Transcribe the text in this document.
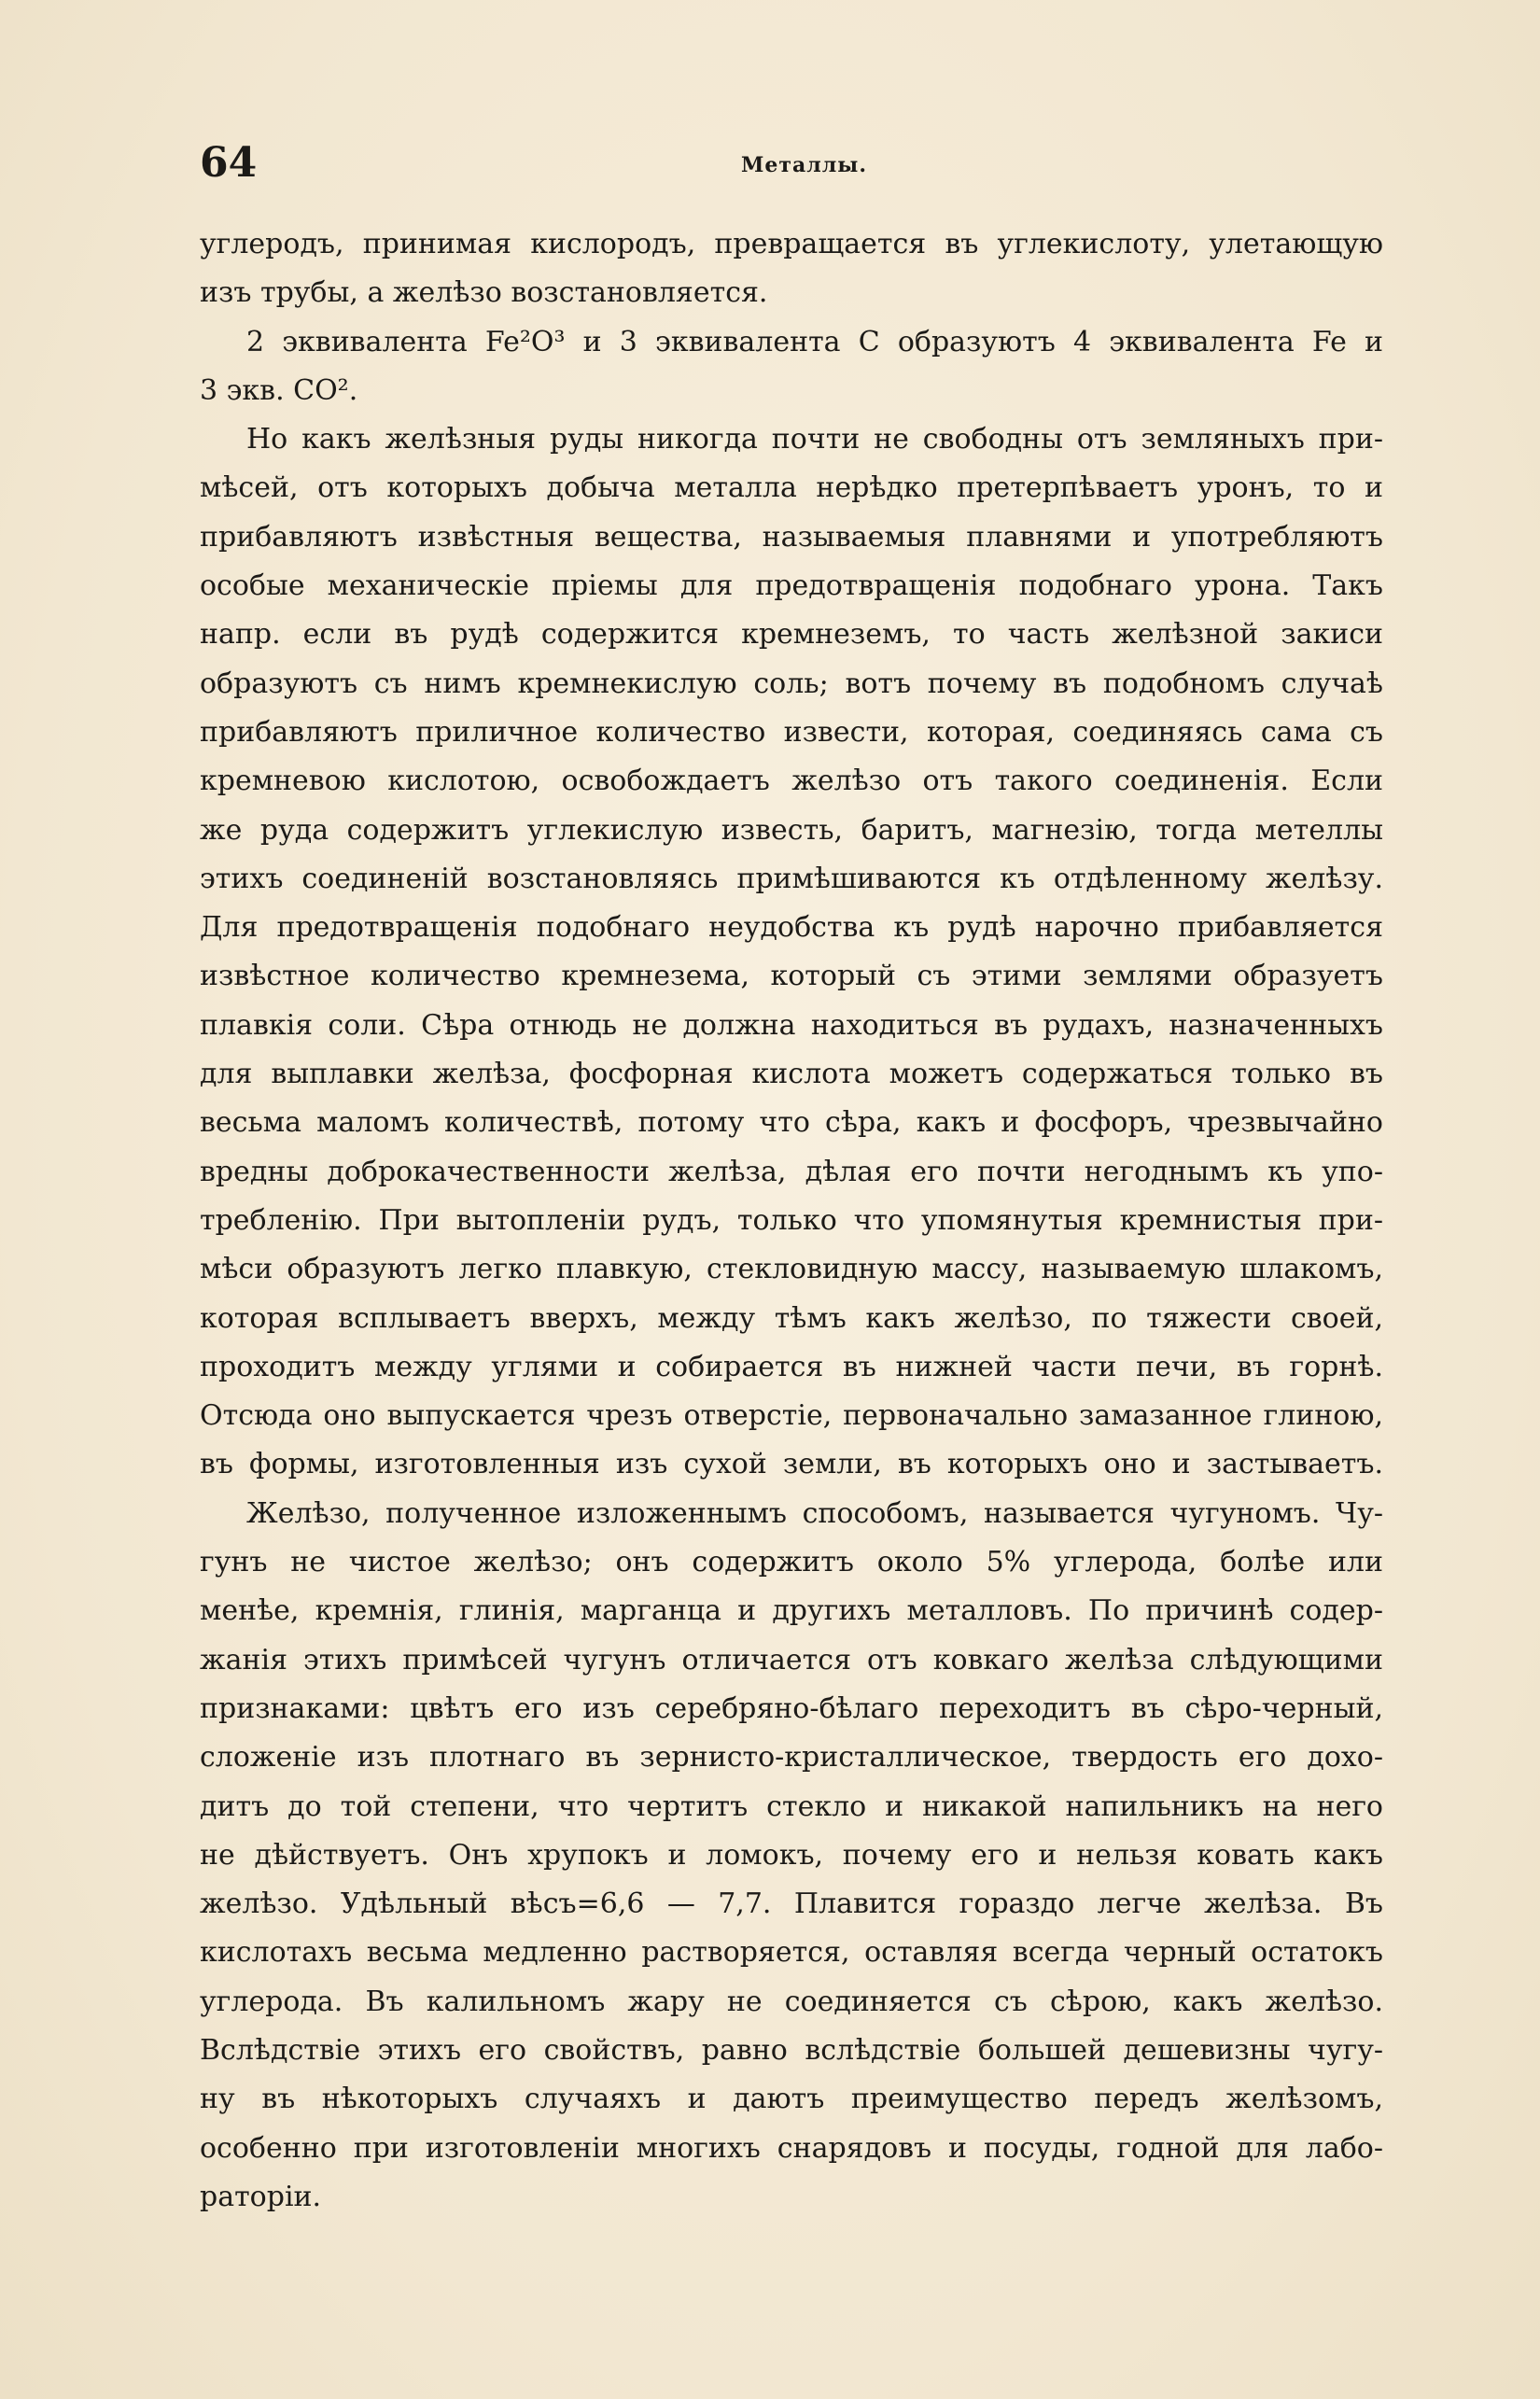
64	Металлы.
углеродъ, принимая кислородъ, превращается въ углекислоту, улетающую
изъ трубы, а желѣзо возстановляется.
2 эквивалента Fe²O³ и 3 эквивалента C образуютъ 4 эквивалента Fe и
3 экв. CO².
Но какъ желѣзныя руды никогда почти не свободны отъ земляныхъ при-
мѣсей, отъ которыхъ добыча металла нерѣдко претерпѣваетъ уронъ, то и
прибавляютъ извѣстныя вещества, называемыя плавнями и употребляютъ
особые механическіе пріемы для предотвращенія подобнаго урона. Такъ
напр. если въ рудѣ содержится кремнеземъ, то часть желѣзной закиси
образуютъ съ нимъ кремнекислую соль; вотъ почему въ подобномъ случаѣ
прибавляютъ приличное количество извести, которая, соединяясь сама съ
кремневою кислотою, освобождаетъ желѣзо отъ такого соединенія. Если
же руда содержитъ углекислую известь, баритъ, магнезію, тогда метеллы
этихъ соединеній возстановляясь примѣшиваются къ отдѣленному желѣзу.
Для предотвращенія подобнаго неудобства къ рудѣ нарочно прибавляется
извѣстное количество кремнезема, который съ этими землями образуетъ
плавкія соли. Сѣра отнюдь не должна находиться въ рудахъ, назначенныхъ
для выплавки желѣза, фосфорная кислота можетъ содержаться только въ
весьма маломъ количествѣ, потому что сѣра, какъ и фосфоръ, чрезвычайно
вредны доброкачественности желѣза, дѣлая его почти негоднымъ къ упо-
требленію. При вытопленіи рудъ, только что упомянутыя кремнистыя при-
мѣси образуютъ легко плавкую, стекловидную массу, называемую шлакомъ,
которая всплываетъ вверхъ, между тѣмъ какъ желѣзо, по тяжести своей,
проходитъ между углями и собирается въ нижней части печи, въ горнѣ.
Отсюда оно выпускается чрезъ отверстіе, первоначально замазанное глиною,
въ формы, изготовленныя изъ сухой земли, въ которыхъ оно и застываетъ.
Желѣзо, полученное изложеннымъ способомъ, называется чугуномъ. Чу-
гунъ не чистое желѣзо; онъ содержитъ около 5% углерода, болѣе или
менѣе, кремнія, глинія, марганца и другихъ металловъ. По причинѣ содер-
жанія этихъ примѣсей чугунъ отличается отъ ковкаго желѣза слѣдующими
признаками: цвѣтъ его изъ серебряно-бѣлаго переходитъ въ сѣро-черный,
сложеніе изъ плотнаго въ зернисто-кристаллическое, твердость его дохо-
дитъ до той степени, что чертитъ стекло и никакой напильникъ на него
не дѣйствуетъ. Онъ хрупокъ и ломокъ, почему его и нельзя ковать какъ
желѣзо. Удѣльный вѣсъ=6,6 — 7,7. Плавится гораздо легче желѣза. Въ
кислотахъ весьма медленно растворяется, оставляя всегда черный остатокъ
углерода. Въ калильномъ жару не соединяется съ сѣрою, какъ желѣзо.
Вслѣдствіе этихъ его свойствъ, равно вслѣдствіе большей дешевизны чугу-
ну въ нѣкоторыхъ случаяхъ и даютъ преимущество передъ желѣзомъ,
особенно при изготовленіи многихъ снарядовъ и посуды, годной для лабо-
раторіи.
